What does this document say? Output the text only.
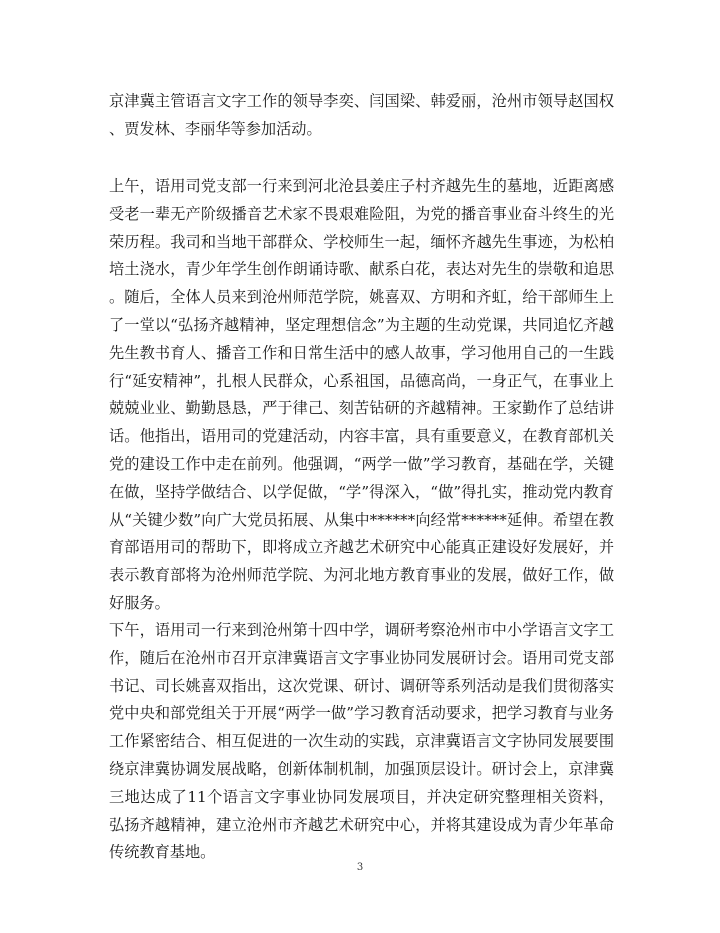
京津冀主管语言文字工作的领导李奕、闫国梁、韩爱丽，沧州市领导赵国权、贾发林、李丽华等参加活动。

上午，语用司党支部一行来到河北沧县姜庄子村齐越先生的墓地，近距离感受老一辈无产阶级播音艺术家不畏艰难险阻，为党的播音事业奋斗终生的光荣历程。我司和当地干部群众、学校师生一起，缅怀齐越先生事迹，为松柏培土浇水，青少年学生创作朗诵诗歌、献系白花，表达对先生的崇敬和追思。随后，全体人员来到沧州师范学院，姚喜双、方明和齐虹，给干部师生上了一堂以“弘扬齐越精神，坚定理想信念”为主题的生动党课，共同追忆齐越先生教书育人、播音工作和日常生活中的感人故事，学习他用自己的一生践行“延安精神”，扎根人民群众，心系祖国，品德高尚，一身正气，在事业上兢兢业业、勤勤恳恳，严于律己、刻苦钻研的齐越精神。王家勤作了总结讲话。他指出，语用司的党建活动，内容丰富，具有重要意义，在教育部机关党的建设工作中走在前列。他强调，“两学一做”学习教育，基础在学，关键在做，坚持学做结合、以学促做，“学”得深入，“做”得扎实，推动党内教育从“关键少数”向广大党员拓展、从集中******向经常******延伸。希望在教育部语用司的帮助下，即将成立齐越艺术研究中心能真正建设好发展好，并表示教育部将为沧州师范学院、为河北地方教育事业的发展，做好工作，做好服务。

下午，语用司一行来到沧州第十四中学，调研考察沧州市中小学语言文字工作，随后在沧州市召开京津冀语言文字事业协同发展研讨会。语用司党支部书记、司长姚喜双指出，这次党课、研讨、调研等系列活动是我们贯彻落实党中央和部党组关于开展“两学一做”学习教育活动要求，把学习教育与业务工作紧密结合、相互促进的一次生动的实践，京津冀语言文字协同发展要围绕京津冀协调发展战略，创新体制机制，加强顶层设计。研讨会上，京津冀三地达成了11个语言文字事业协同发展项目，并决定研究整理相关资料，弘扬齐越精神，建立沧州市齐越艺术研究中心，并将其建设成为青少年革命传统教育基地。

3
